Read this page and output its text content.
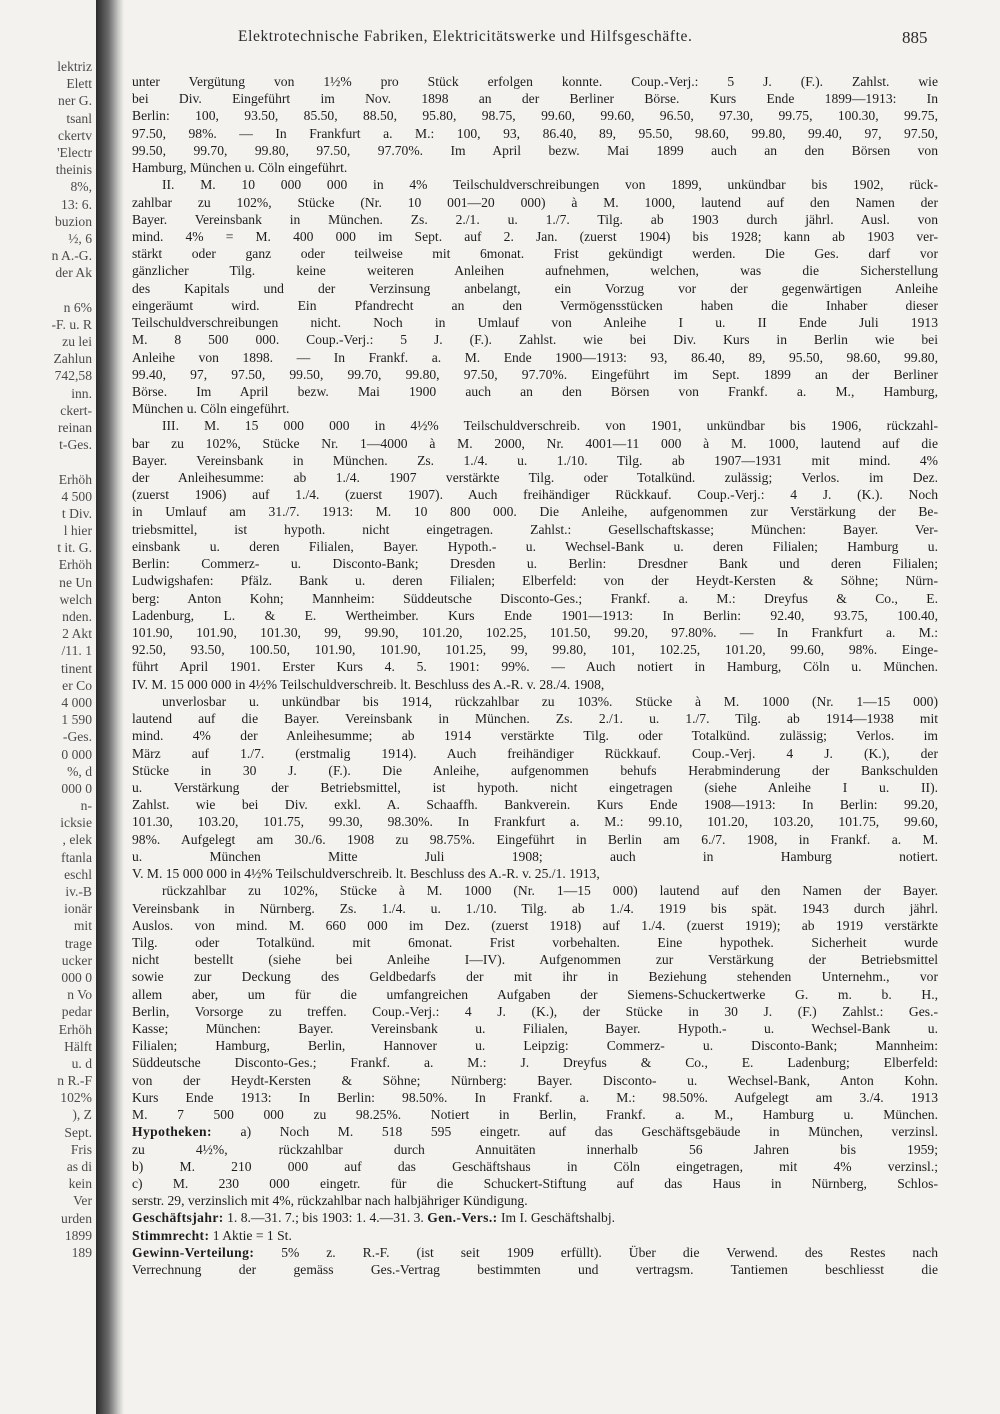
lektriz
Elett
ner G.
tsanl
ckertv
'Electr
theinis
8%,
13: 6.
buzion
½, 6
n A.-G.
der Ak
n 6%
-F. u. R
zu lei
Zahlun
742,58
inn.
ckert-
reinan
t-Ges.
Erhöh
4 500
t Div.
l hier
t it. G.
Erhöh
ne Un
welch
nden.
2 Akt
/11. 1
tinent
er Co
4 000
1 590
-Ges.
0 000
%, d
000 0
n-
icksie
, elek
ftanla
eschl
iv.-B
ionär
mit
trage
ucker
000 0
n Vo
pedar
Erhöh
Hälft
u. d
n R.-F
102%
), Z
Sept.
Fris
as di
kein
Ver
urden
1899
189
Elektrotechnische Fabriken, Elektricitätswerke und Hilfsgeschäfte.	885
unter Vergütung von 1½% pro Stück erfolgen konnte. Coup.-Verj.: 5 J. (F.). Zahlst. wie
bei Div. Eingeführt im Nov. 1898 an der Berliner Börse. Kurs Ende 1899—1913: In
Berlin: 100, 93.50, 85.50, 88.50, 95.80, 98.75, 99.60, 99.60, 96.50, 97.30, 99.75, 100.30, 99.75,
97.50, 98%. — In Frankfurt a. M.: 100, 93, 86.40, 89, 95.50, 98.60, 99.80, 99.40, 97, 97.50,
99.50, 99.70, 99.80, 97.50, 97.70%. Im April bezw. Mai 1899 auch an den Börsen von
Hamburg, München u. Cöln eingeführt.
II. M. 10 000 000 in 4% Teilschuldverschreibungen von 1899, unkündbar bis 1902, rück-
zahlbar zu 102%, Stücke (Nr. 10 001—20 000) à M. 1000, lautend auf den Namen der
Bayer. Vereinsbank in München. Zs. 2./1. u. 1./7. Tilg. ab 1903 durch jährl. Ausl. von
mind. 4% = M. 400 000 im Sept. auf 2. Jan. (zuerst 1904) bis 1928; kann ab 1903 ver-
stärkt oder ganz oder teilweise mit 6monat. Frist gekündigt werden. Die Ges. darf vor
gänzlicher Tilg. keine weiteren Anleihen aufnehmen, welchen, was die Sicherstellung
des Kapitals und der Verzinsung anbelangt, ein Vorzug vor der gegenwärtigen Anleihe
eingeräumt wird. Ein Pfandrecht an den Vermögensstücken haben die Inhaber dieser
Teilschuldverschreibungen nicht. Noch in Umlauf von Anleihe I u. II Ende Juli 1913
M. 8 500 000. Coup.-Verj.: 5 J. (F.). Zahlst. wie bei Div. Kurs in Berlin wie bei
Anleihe von 1898. — In Frankf. a. M. Ende 1900—1913: 93, 86.40, 89, 95.50, 98.60, 99.80,
99.40, 97, 97.50, 99.50, 99.70, 99.80, 97.50, 97.70%. Eingeführt im Sept. 1899 an der Berliner
Börse. Im April bezw. Mai 1900 auch an den Börsen von Frankf. a. M., Hamburg,
München u. Cöln eingeführt.
III. M. 15 000 000 in 4½% Teilschuldverschreib. von 1901, unkündbar bis 1906, rückzahl-
bar zu 102%, Stücke Nr. 1—4000 à M. 2000, Nr. 4001—11 000 à M. 1000, lautend auf die
Bayer. Vereinsbank in München. Zs. 1./4. u. 1./10. Tilg. ab 1907—1931 mit mind. 4%
der Anleihesumme: ab 1./4. 1907 verstärkte Tilg. oder Totalkünd. zulässig; Verlos. im Dez.
(zuerst 1906) auf 1./4. (zuerst 1907). Auch freihändiger Rückkauf. Coup.-Verj.: 4 J. (K.). Noch
in Umlauf am 31./7. 1913: M. 10 800 000. Die Anleihe, aufgenommen zur Verstärkung der Be-
triebsmittel, ist hypoth. nicht eingetragen. Zahlst.: Gesellschaftskasse; München: Bayer. Ver-
einsbank u. deren Filialen, Bayer. Hypoth.- u. Wechsel-Bank u. deren Filialen; Hamburg u.
Berlin: Commerz- u. Disconto-Bank; Dresden u. Berlin: Dresdner Bank und deren Filialen;
Ludwigshafen: Pfälz. Bank u. deren Filialen; Elberfeld: von der Heydt-Kersten & Söhne; Nürn-
berg: Anton Kohn; Mannheim: Süddeutsche Disconto-Ges.; Frankf. a. M.: Dreyfus & Co., E.
Ladenburg, L. & E. Wertheimber. Kurs Ende 1901—1913: In Berlin: 92.40, 93.75, 100.40,
101.90, 101.90, 101.30, 99, 99.90, 101.20, 102.25, 101.50, 99.20, 97.80%. — In Frankfurt a. M.:
92.50, 93.50, 100.50, 101.90, 101.90, 101.25, 99, 99.80, 101, 102.25, 101.20, 99.60, 98%. Einge-
führt April 1901. Erster Kurs 4. 5. 1901: 99%. — Auch notiert in Hamburg, Cöln u. München.
IV. M. 15 000 000 in 4½% Teilschuldverschreib. lt. Beschluss des A.-R. v. 28./4. 1908,
unverlosbar u. unkündbar bis 1914, rückzahlbar zu 103%. Stücke à M. 1000 (Nr. 1—15 000)
lautend auf die Bayer. Vereinsbank in München. Zs. 2./1. u. 1./7. Tilg. ab 1914—1938 mit
mind. 4% der Anleihesumme; ab 1914 verstärkte Tilg. oder Totalkünd. zulässig; Verlos. im
März auf 1./7. (erstmalig 1914). Auch freihändiger Rückkauf. Coup.-Verj. 4 J. (K.), der
Stücke in 30 J. (F.). Die Anleihe, aufgenommen behufs Herabminderung der Bankschulden
u. Verstärkung der Betriebsmittel, ist hypoth. nicht eingetragen (siehe Anleihe I u. II).
Zahlst. wie bei Div. exkl. A. Schaaffh. Bankverein. Kurs Ende 1908—1913: In Berlin: 99.20,
101.30, 103.20, 101.75, 99.30, 98.30%. In Frankfurt a. M.: 99.10, 101.20, 103.20, 101.75, 99.60,
98%. Aufgelegt am 30./6. 1908 zu 98.75%. Eingeführt in Berlin am 6./7. 1908, in Frankf. a. M.
u. München Mitte Juli 1908; auch in Hamburg notiert.
V. M. 15 000 000 in 4½% Teilschuldverschreib. lt. Beschluss des A.-R. v. 25./1. 1913,
rückzahlbar zu 102%, Stücke à M. 1000 (Nr. 1—15 000) lautend auf den Namen der Bayer.
Vereinsbank in Nürnberg. Zs. 1./4. u. 1./10. Tilg. ab 1./4. 1919 bis spät. 1943 durch jährl.
Auslos. von mind. M. 660 000 im Dez. (zuerst 1918) auf 1./4. (zuerst 1919); ab 1919 verstärkte
Tilg. oder Totalkünd. mit 6monat. Frist vorbehalten. Eine hypothek. Sicherheit wurde
nicht bestellt (siehe bei Anleihe I—IV). Aufgenommen zur Verstärkung der Betriebsmittel
sowie zur Deckung des Geldbedarfs der mit ihr in Beziehung stehenden Unternehm., vor
allem aber, um für die umfangreichen Aufgaben der Siemens-Schuckertwerke G. m. b. H.,
Berlin, Vorsorge zu treffen. Coup.-Verj.: 4 J. (K.), der Stücke in 30 J. (F.) Zahlst.: Ges.-
Kasse; München: Bayer. Vereinsbank u. Filialen, Bayer. Hypoth.- u. Wechsel-Bank u.
Filialen; Hamburg, Berlin, Hannover u. Leipzig: Commerz- u. Disconto-Bank; Mannheim:
Süddeutsche Disconto-Ges.; Frankf. a. M.: J. Dreyfus & Co., E. Ladenburg; Elberfeld:
von der Heydt-Kersten & Söhne; Nürnberg: Bayer. Disconto- u. Wechsel-Bank, Anton Kohn.
Kurs Ende 1913: In Berlin: 98.50%. In Frankf. a. M.: 98.50%. Aufgelegt am 3./4. 1913
M. 7 500 000 zu 98.25%. Notiert in Berlin, Frankf. a. M., Hamburg u. München.
Hypotheken: a) Noch M. 518 595 eingetr. auf das Geschäftsgebäude in München, verzinsl.
zu 4½%, rückzahlbar durch Annuitäten innerhalb 56 Jahren bis 1959;
b) M. 210 000 auf das Geschäftshaus in Cöln eingetragen, mit 4% verzinsl.;
c) M. 230 000 eingetr. für die Schuckert-Stiftung auf das Haus in Nürnberg, Schlos-
serstr. 29, verzinslich mit 4%, rückzahlbar nach halbjähriger Kündigung.
Geschäftsjahr: 1. 8.—31. 7.; bis 1903: 1. 4.—31. 3. Gen.-Vers.: Im I. Geschäftshalbj.
Stimmrecht: 1 Aktie = 1 St.
Gewinn-Verteilung: 5% z. R.-F. (ist seit 1909 erfüllt). Über die Verwend. des Restes nach
Verrechnung der gemäss Ges.-Vertrag bestimmten und vertragsm. Tantiemen beschliesst die
